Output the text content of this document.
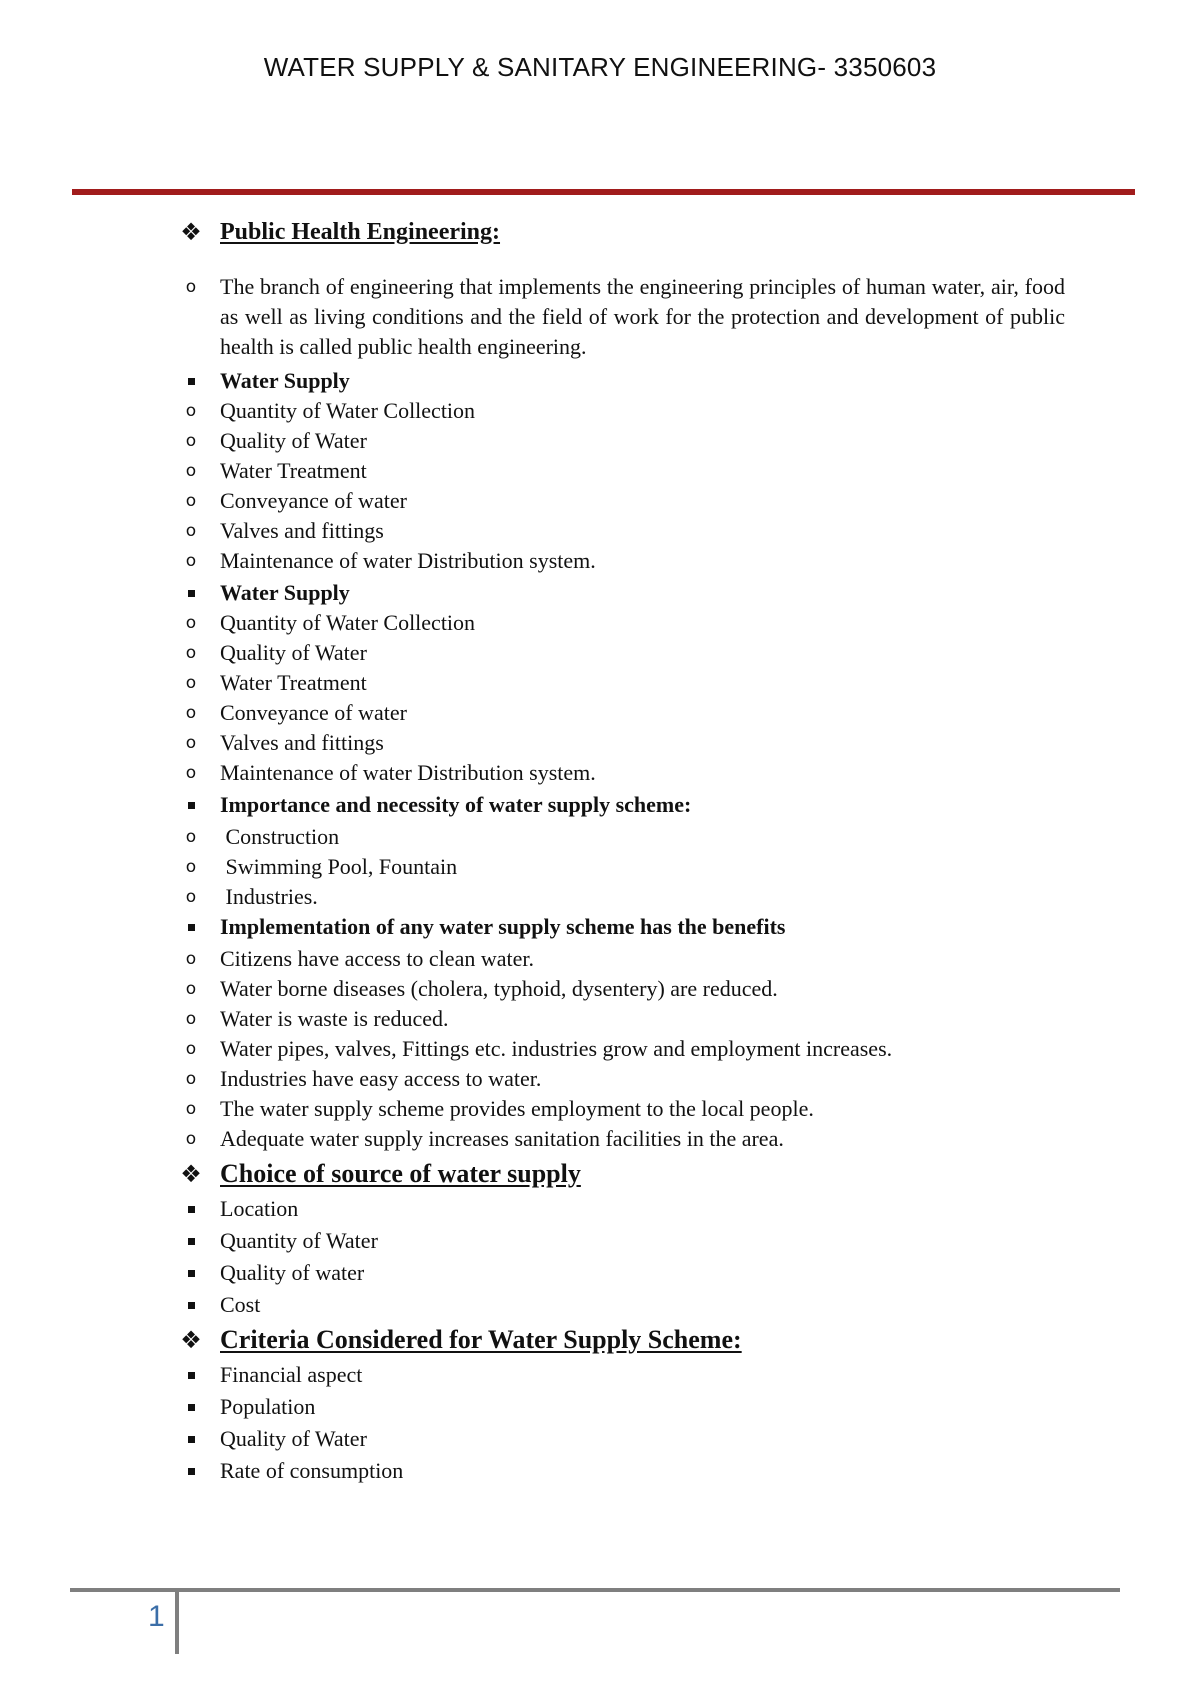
WATER SUPPLY & SANITARY ENGINEERING- 3350603
❖ Public Health Engineering:
o	The branch of engineering that implements the engineering principles of human water, air, food as well as living conditions and the field of work for the protection and development of public health is called public health engineering.
Water Supply
o	Quantity of Water Collection
o	Quality of Water
o	Water Treatment
o	Conveyance of water
o	Valves and fittings
o	Maintenance of water Distribution system.
Water Supply
o	Quantity of Water Collection
o	Quality of Water
o	Water Treatment
o	Conveyance of water
o	Valves and fittings
o	Maintenance of water Distribution system.
Importance and necessity of water supply scheme:
o	Construction
o	Swimming Pool, Fountain
o	Industries.
Implementation of any water supply scheme has the benefits
o	Citizens have access to clean water.
o	Water borne diseases (cholera, typhoid, dysentery) are reduced.
o	Water is waste is reduced.
o	Water pipes, valves, Fittings etc. industries grow and employment increases.
o	Industries have easy access to water.
o	The water supply scheme provides employment to the local people.
o	Adequate water supply increases sanitation facilities in the area.
❖ Choice of source of water supply
Location
Quantity of Water
Quality of water
Cost
❖ Criteria Considered for Water Supply Scheme:
Financial aspect
Population
Quality of Water
Rate of consumption
1
